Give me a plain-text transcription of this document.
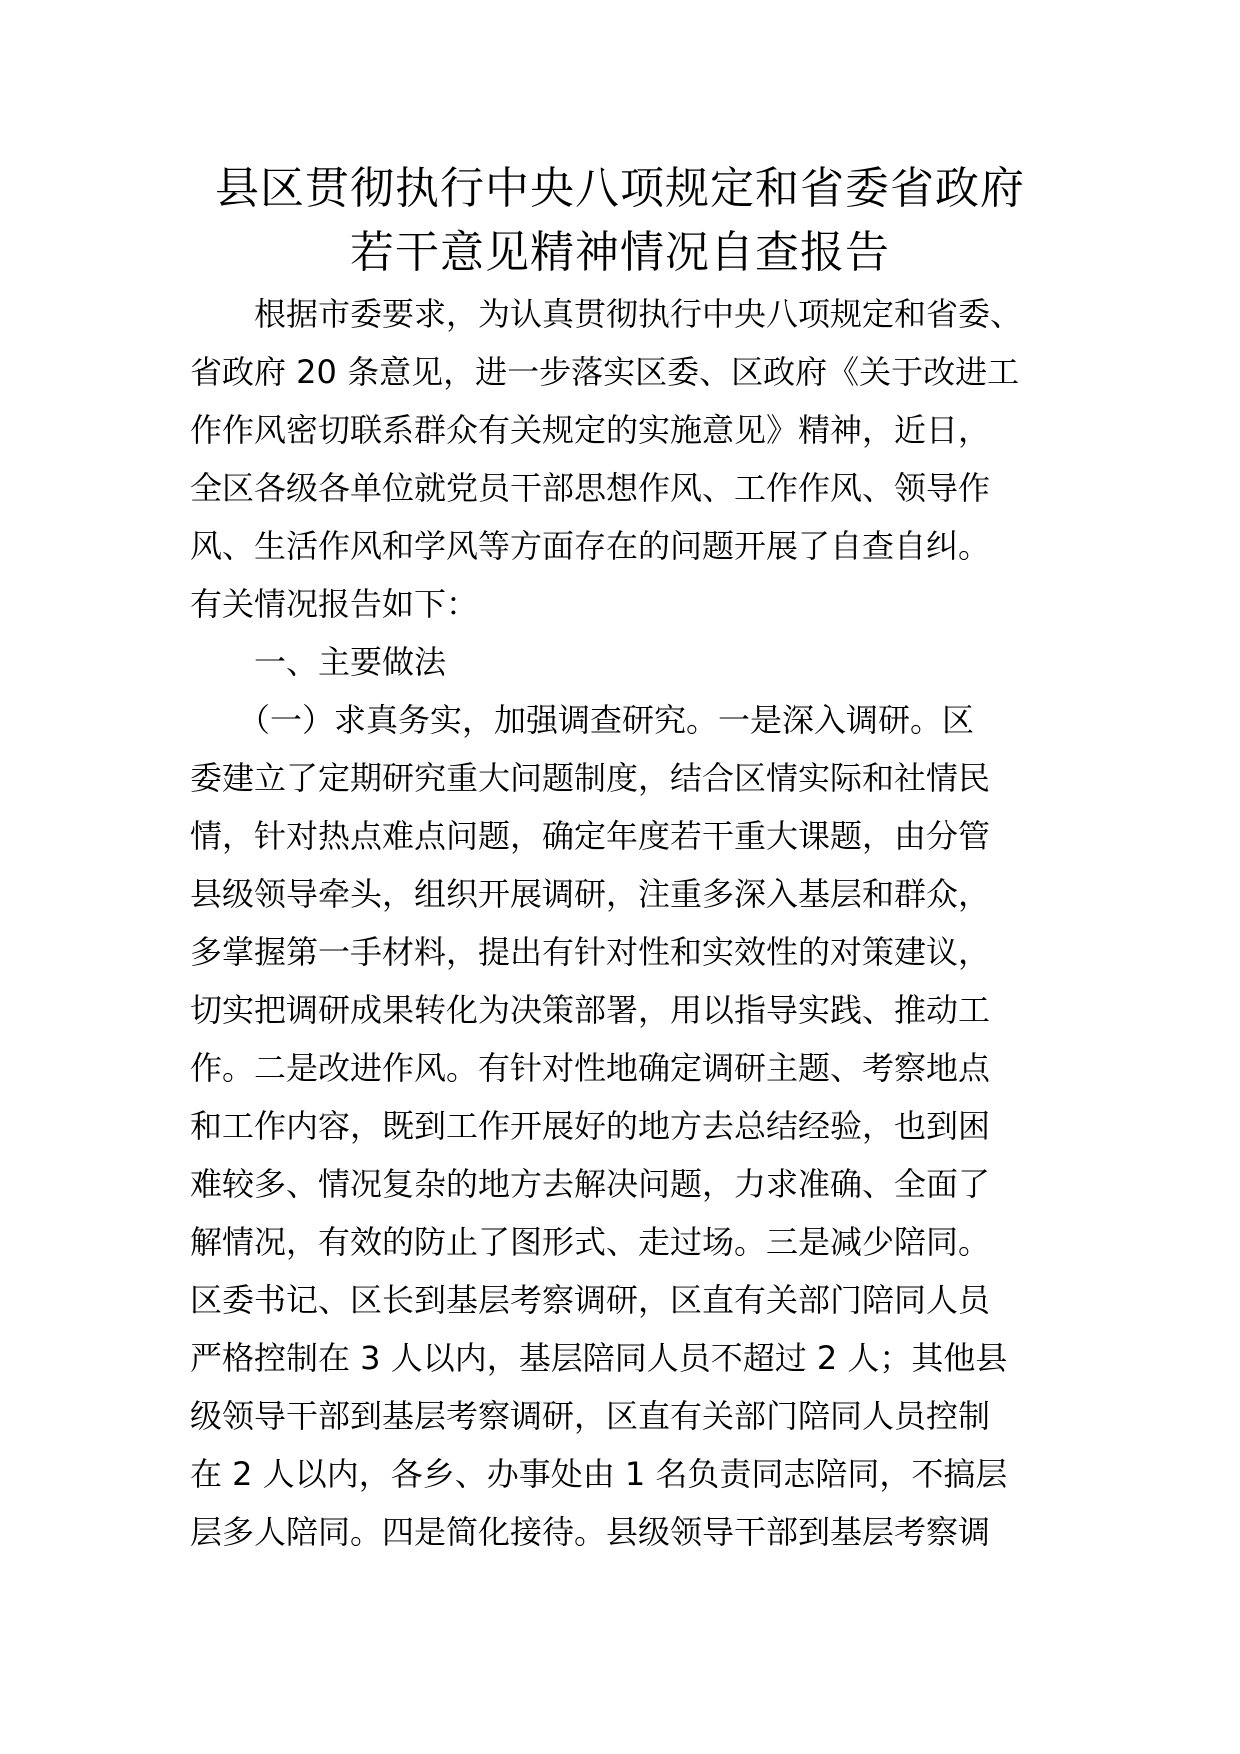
县区贯彻执行中央八项规定和省委省政府
若干意见精神情况自查报告
　　根据市委要求，为认真贯彻执行中央八项规定和省委、
省政府 20 条意见，进一步落实区委、区政府《关于改进工
作作风密切联系群众有关规定的实施意见》精神，近日，
全区各级各单位就党员干部思想作风、工作作风、领导作
风、生活作风和学风等方面存在的问题开展了自查自纠。
有关情况报告如下：
　　一、主要做法
　　（一）求真务实，加强调查研究。一是深入调研。区
委建立了定期研究重大问题制度，结合区情实际和社情民
情，针对热点难点问题，确定年度若干重大课题，由分管
县级领导牵头，组织开展调研，注重多深入基层和群众，
多掌握第一手材料，提出有针对性和实效性的对策建议，
切实把调研成果转化为决策部署，用以指导实践、推动工
作。二是改进作风。有针对性地确定调研主题、考察地点
和工作内容，既到工作开展好的地方去总结经验，也到困
难较多、情况复杂的地方去解决问题，力求准确、全面了
解情况，有效的防止了图形式、走过场。三是减少陪同。
区委书记、区长到基层考察调研，区直有关部门陪同人员
严格控制在 3 人以内，基层陪同人员不超过 2 人；其他县
级领导干部到基层考察调研，区直有关部门陪同人员控制
在 2 人以内，各乡、办事处由 1 名负责同志陪同，不搞层
层多人陪同。四是简化接待。县级领导干部到基层考察调
